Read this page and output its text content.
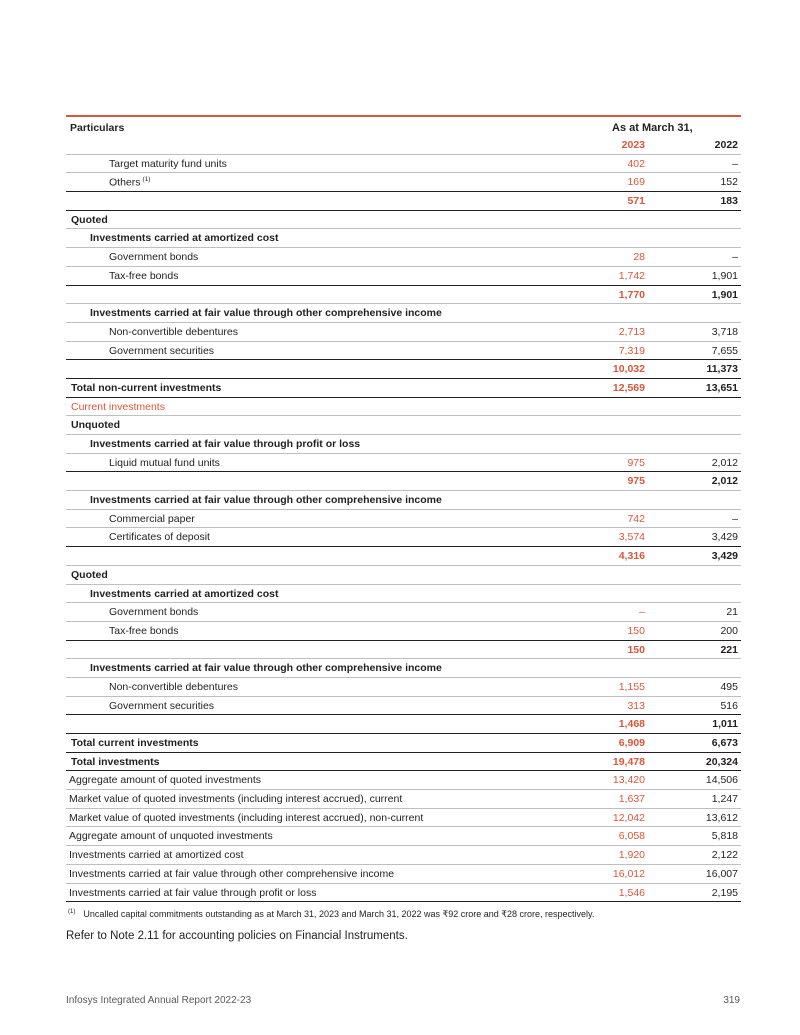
Particulars	As at March 31,
2023	2022
Target maturity fund units	402	–
Others $^{(1)}$	169	152
571	183
Quoted
Investments carried at amortized cost
Government bonds	28	–
Tax-free bonds	1,742	1,901
1,770	1,901
Investments carried at fair value through other comprehensive income
Non-convertible debentures	2,713	3,718
Government securities	7,319	7,655
10,032	11,373
Total non-current investments	12,569	13,651
Current investments
Unquoted
Investments carried at fair value through profit or loss
Liquid mutual fund units	975	2,012
975	2,012
Investments carried at fair value through other comprehensive income
Commercial paper	742	–
Certificates of deposit	3,574	3,429
4,316	3,429
Quoted
Investments carried at amortized cost
Government bonds	–	21
Tax-free bonds	150	200
150	221
Investments carried at fair value through other comprehensive income
Non-convertible debentures	1,155	495
Government securities	313	516
1,468	1,011
Total current investments	6,909	6,673
Total investments	19,478	20,324
Aggregate amount of quoted investments	13,420	14,506
Market value of quoted investments (including interest accrued), current	1,637	1,247
Market value of quoted investments (including interest accrued), non-current	12,042	13,612
Aggregate amount of unquoted investments	6,058	5,818
Investments carried at amortized cost	1,920	2,122
Investments carried at fair value through other comprehensive income	16,012	16,007
Investments carried at fair value through profit or loss	1,546	2,195
$^{(1)}$ Uncalled capital commitments outstanding as at March 31, 2023 and March 31, 2022 was ₹92 crore and ₹28 crore, respectively.
Refer to Note 2.11 for accounting policies on Financial Instruments.
Infosys Integrated Annual Report 2022-23	319
